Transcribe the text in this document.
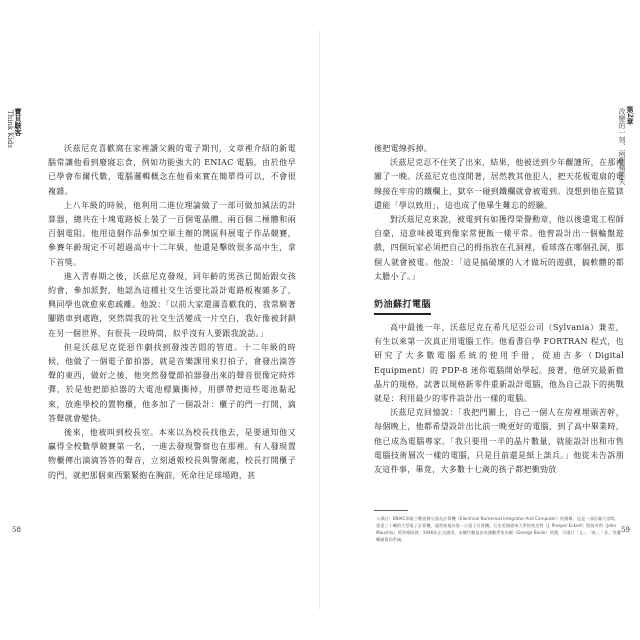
寶貝駭客
Think Kids

沃茲尼克喜歡窩在家裡讀父親的電子期刊，文章裡介紹的新電腦常讓他看到廢寢忘食，例如功能強大的 ENIAC 電腦，由於他早已學會布爾代數，電腦邏輯概念在他看來實在簡單得可以，不會很複雜。

上八年級的時候，他利用二進位理論做了一部可做加減法的計算器，總共在十塊電路板上裝了一百個電晶體、兩百個二極體和兩百個電阻。他用這個作品參加空軍主辦的灣區科展電子作品競賽，參賽年齡規定不可超過高中十二年級，他還是擊敗很多高中生，拿下首獎。

進入青春期之後，沃茲尼克發現，同年齡的男孩已開始跟女孩約會，參加派對，他認為這種社交生活要比設計電路板複雜多了，興同學也就愈來愈疏離。他說：「以前大家還滿喜歡我的，我常騎著腳踏車到處跑，突然間我的社交生活變成一片空白，我好像被封鎖在另一個世界，有很長一段時間，似乎沒有人要跟我說話。」

但是沃茲尼克從惡作劇找到發洩苦悶的管道。十二年級的時候，他做了一個電子節拍器，就是音樂課用來打拍子、會發出滴答聲的東西，做好之後，他突然發覺節拍器發出來的聲音很像定時炸彈，於是他把節拍器的大電池標籤撕掉，用膠帶把這些電池黏起來，放進學校的置物櫃，他多加了一個設計：櫃子的門一打開，滴答聲就會變快。

後來，他被叫到校長室。本來以為校長找他去，是要通知他又贏得全校數學競賽第一名，一進去發現警察也在那裡。有人發現置物櫃傳出滴滴答答的聲音，立刻通報校長與警衛處，校長打開櫃子的門，就把那個東西緊緊抱在胸前，死命往足球場跑，甚

58
第2章
改變的一刻、兩個蘋果夫

後把電線拆掉。

沃茲尼克忍不住笑了出來，結果，他被送到少年觀護所，在那裡關了一晚。沃茲尼克也沒閒著，居然教其他犯人，把天花板電扇的電線接在牢房的鐵欄上，獄卒一碰到鐵欄就會被電到。沒想到他在監獄還能「學以致用」，這也成了他畢生難忘的經驗。

對沃茲尼克來說，被電到有如獲得榮譽勳章，他以後還電工程師自豪，這意味被電到像家常便飯一樣平常。他曾設計出一個輪盤遊戲，四個玩家必須把自己的拇指放在孔洞裡，看球落在哪個孔洞，那個人就會被電。他說：「這是搞破壞的人才做玩的遊戲，搞軟體的都太膽小了。」

奶油蘇打電腦

高中最後一年，沃茲尼克在希凡尼亞公司（Sylvania）兼差，有生以來第一次真正用電腦工作。他看書自學 FORTRAN 程式，也研究了大多數電腦系統的使用手冊，從迪吉多（Digital Equipment）的 PDP-8 迷你電腦開始學起。接著，他研究最新微晶片的規格，試著以規格新零件重新設計電腦，他為自己設下的挑戰就是：利用最少的零件設計出一樣的電腦。

沃茲尼克回憶說：「我把門關上，自己一個人在房裡埋頭苦幹，每個晚上，他都希望設計出比前一晚更好的電腦，到了高中畢業時，他已成為電腦專家。「我只要用一半的晶片數量，就能設計出和市售電腦技術層次一樣的電腦，只是目前還是紙上談兵。」他從未告訴朋友這件事，畢竟，大多數十七歲的孩子都把衝勁放

＊譯註：ENIAC即電子數值積分器及計算機（Electrical Numerical Integrator And Computer）的簡稱，這是一部佔滿大房間、重達三十噸的大型電子計算機，通常被視為第一台電子計算機。它由美國賓州大學的埃克特（J. Presper Eckert）與莫奇利（John Mauchly）所領導研發，1946年正式啟用。布爾代數是由英國數學家布爾（George Boole）所創，可進行「且」、「或」、「非」等邏輯運算的系統。
59
